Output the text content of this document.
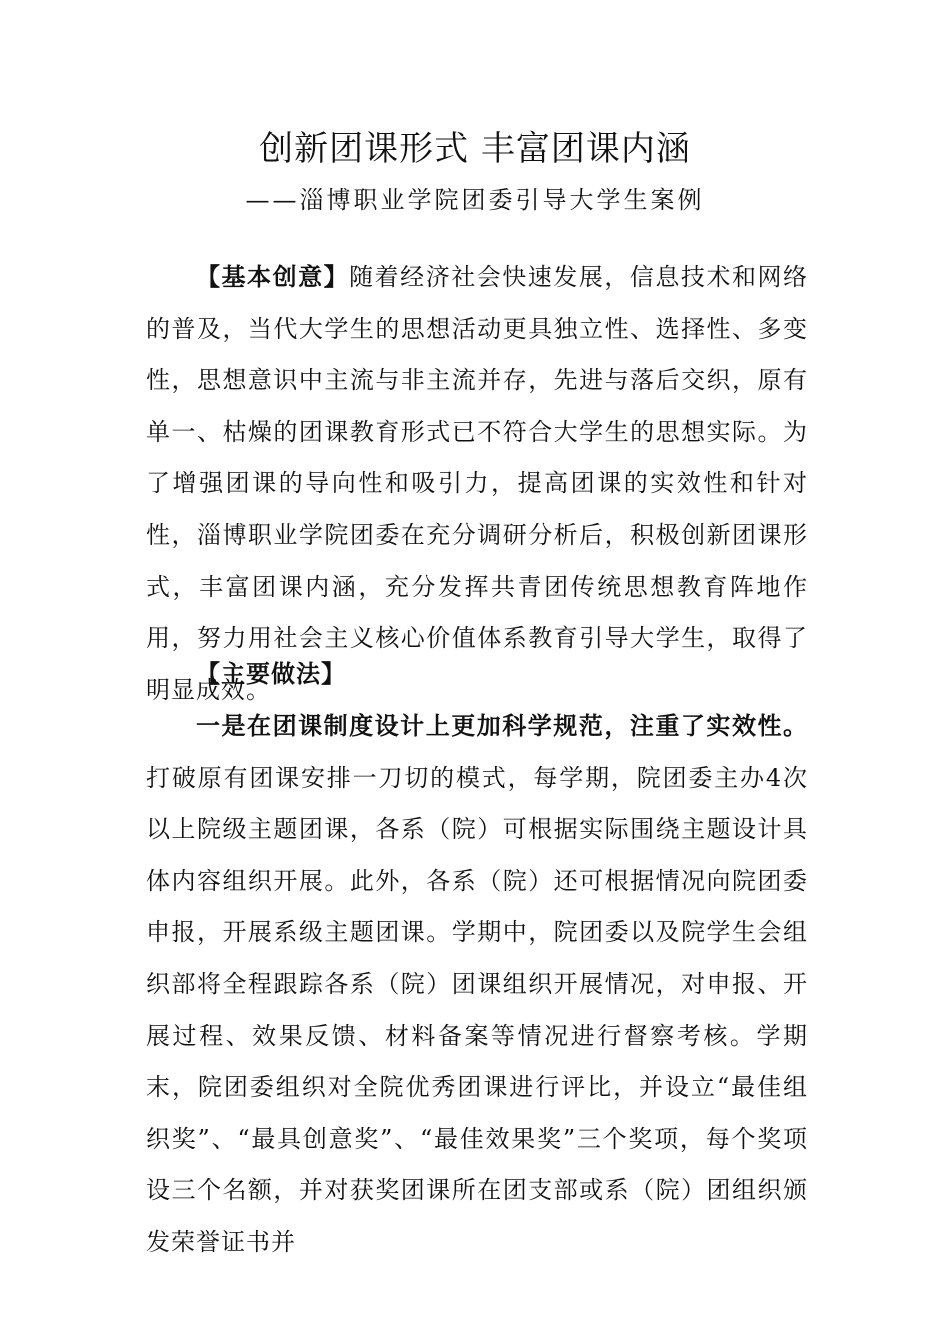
创新团课形式 丰富团课内涵

——淄博职业学院团委引导大学生案例

【基本创意】随着经济社会快速发展，信息技术和网络的普及，当代大学生的思想活动更具独立性、选择性、多变性，思想意识中主流与非主流并存，先进与落后交织，原有单一、枯燥的团课教育形式已不符合大学生的思想实际。为了增强团课的导向性和吸引力，提高团课的实效性和针对性，淄博职业学院团委在充分调研分析后，积极创新团课形式，丰富团课内涵，充分发挥共青团传统思想教育阵地作用，努力用社会主义核心价值体系教育引导大学生，取得了明显成效。

【主要做法】

一是在团课制度设计上更加科学规范，注重了实效性。打破原有团课安排一刀切的模式，每学期，院团委主办4次以上院级主题团课，各系（院）可根据实际围绕主题设计具体内容组织开展。此外，各系（院）还可根据情况向院团委申报，开展系级主题团课。学期中，院团委以及院学生会组织部将全程跟踪各系（院）团课组织开展情况，对申报、开展过程、效果反馈、材料备案等情况进行督察考核。学期末，院团委组织对全院优秀团课进行评比，并设立“最佳组织奖”、“最具创意奖”、“最佳效果奖”三个奖项，每个奖项设三个名额，并对获奖团课所在团支部或系（院）团组织颁发荣誉证书并
